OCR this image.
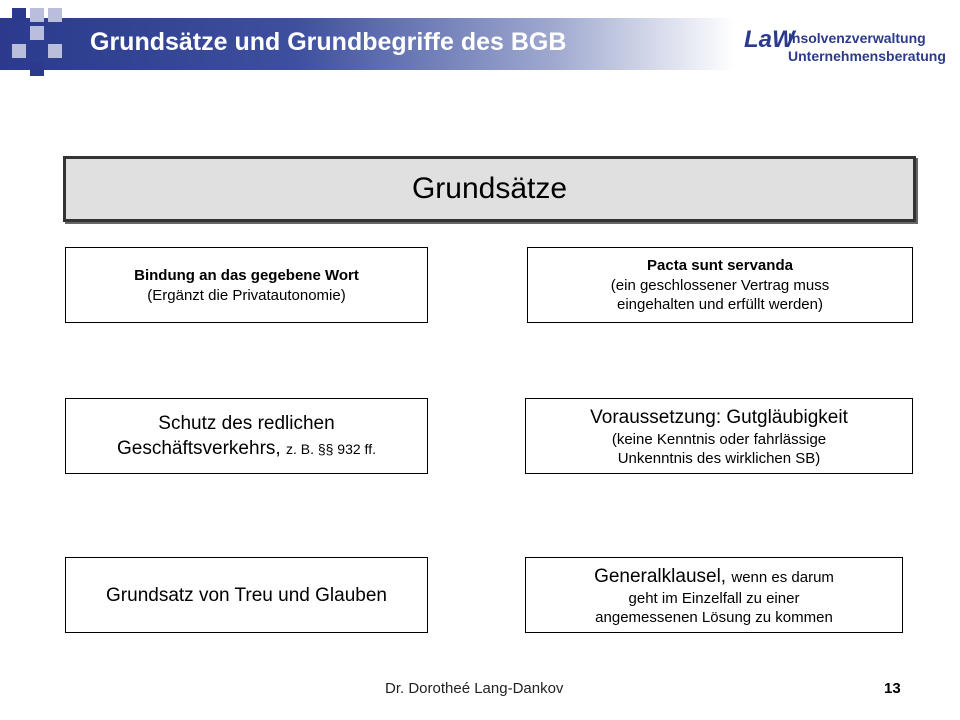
Grundsätze und Grundbegriffe des BGB	LaW
Insolvenzverwaltung
Unternehmensberatung
Grundsätze
Bindung an das gegebene Wort
(Ergänzt die Privatautonomie)
Pacta sunt servanda
(ein geschlossener Vertrag muss
eingehalten und erfüllt werden)
Schutz des redlichen
Geschäftsverkehrs, z. B. §§ 932 ff.
Voraussetzung: Gutgläubigkeit
(keine Kenntnis oder fahrlässige
Unkenntnis des wirklichen SB)
Grundsatz von Treu und Glauben
Generalklausel, wenn es darum
geht im Einzelfall zu einer
angemessenen Lösung zu kommen
Dr. Dorotheé Lang-Dankov	13
